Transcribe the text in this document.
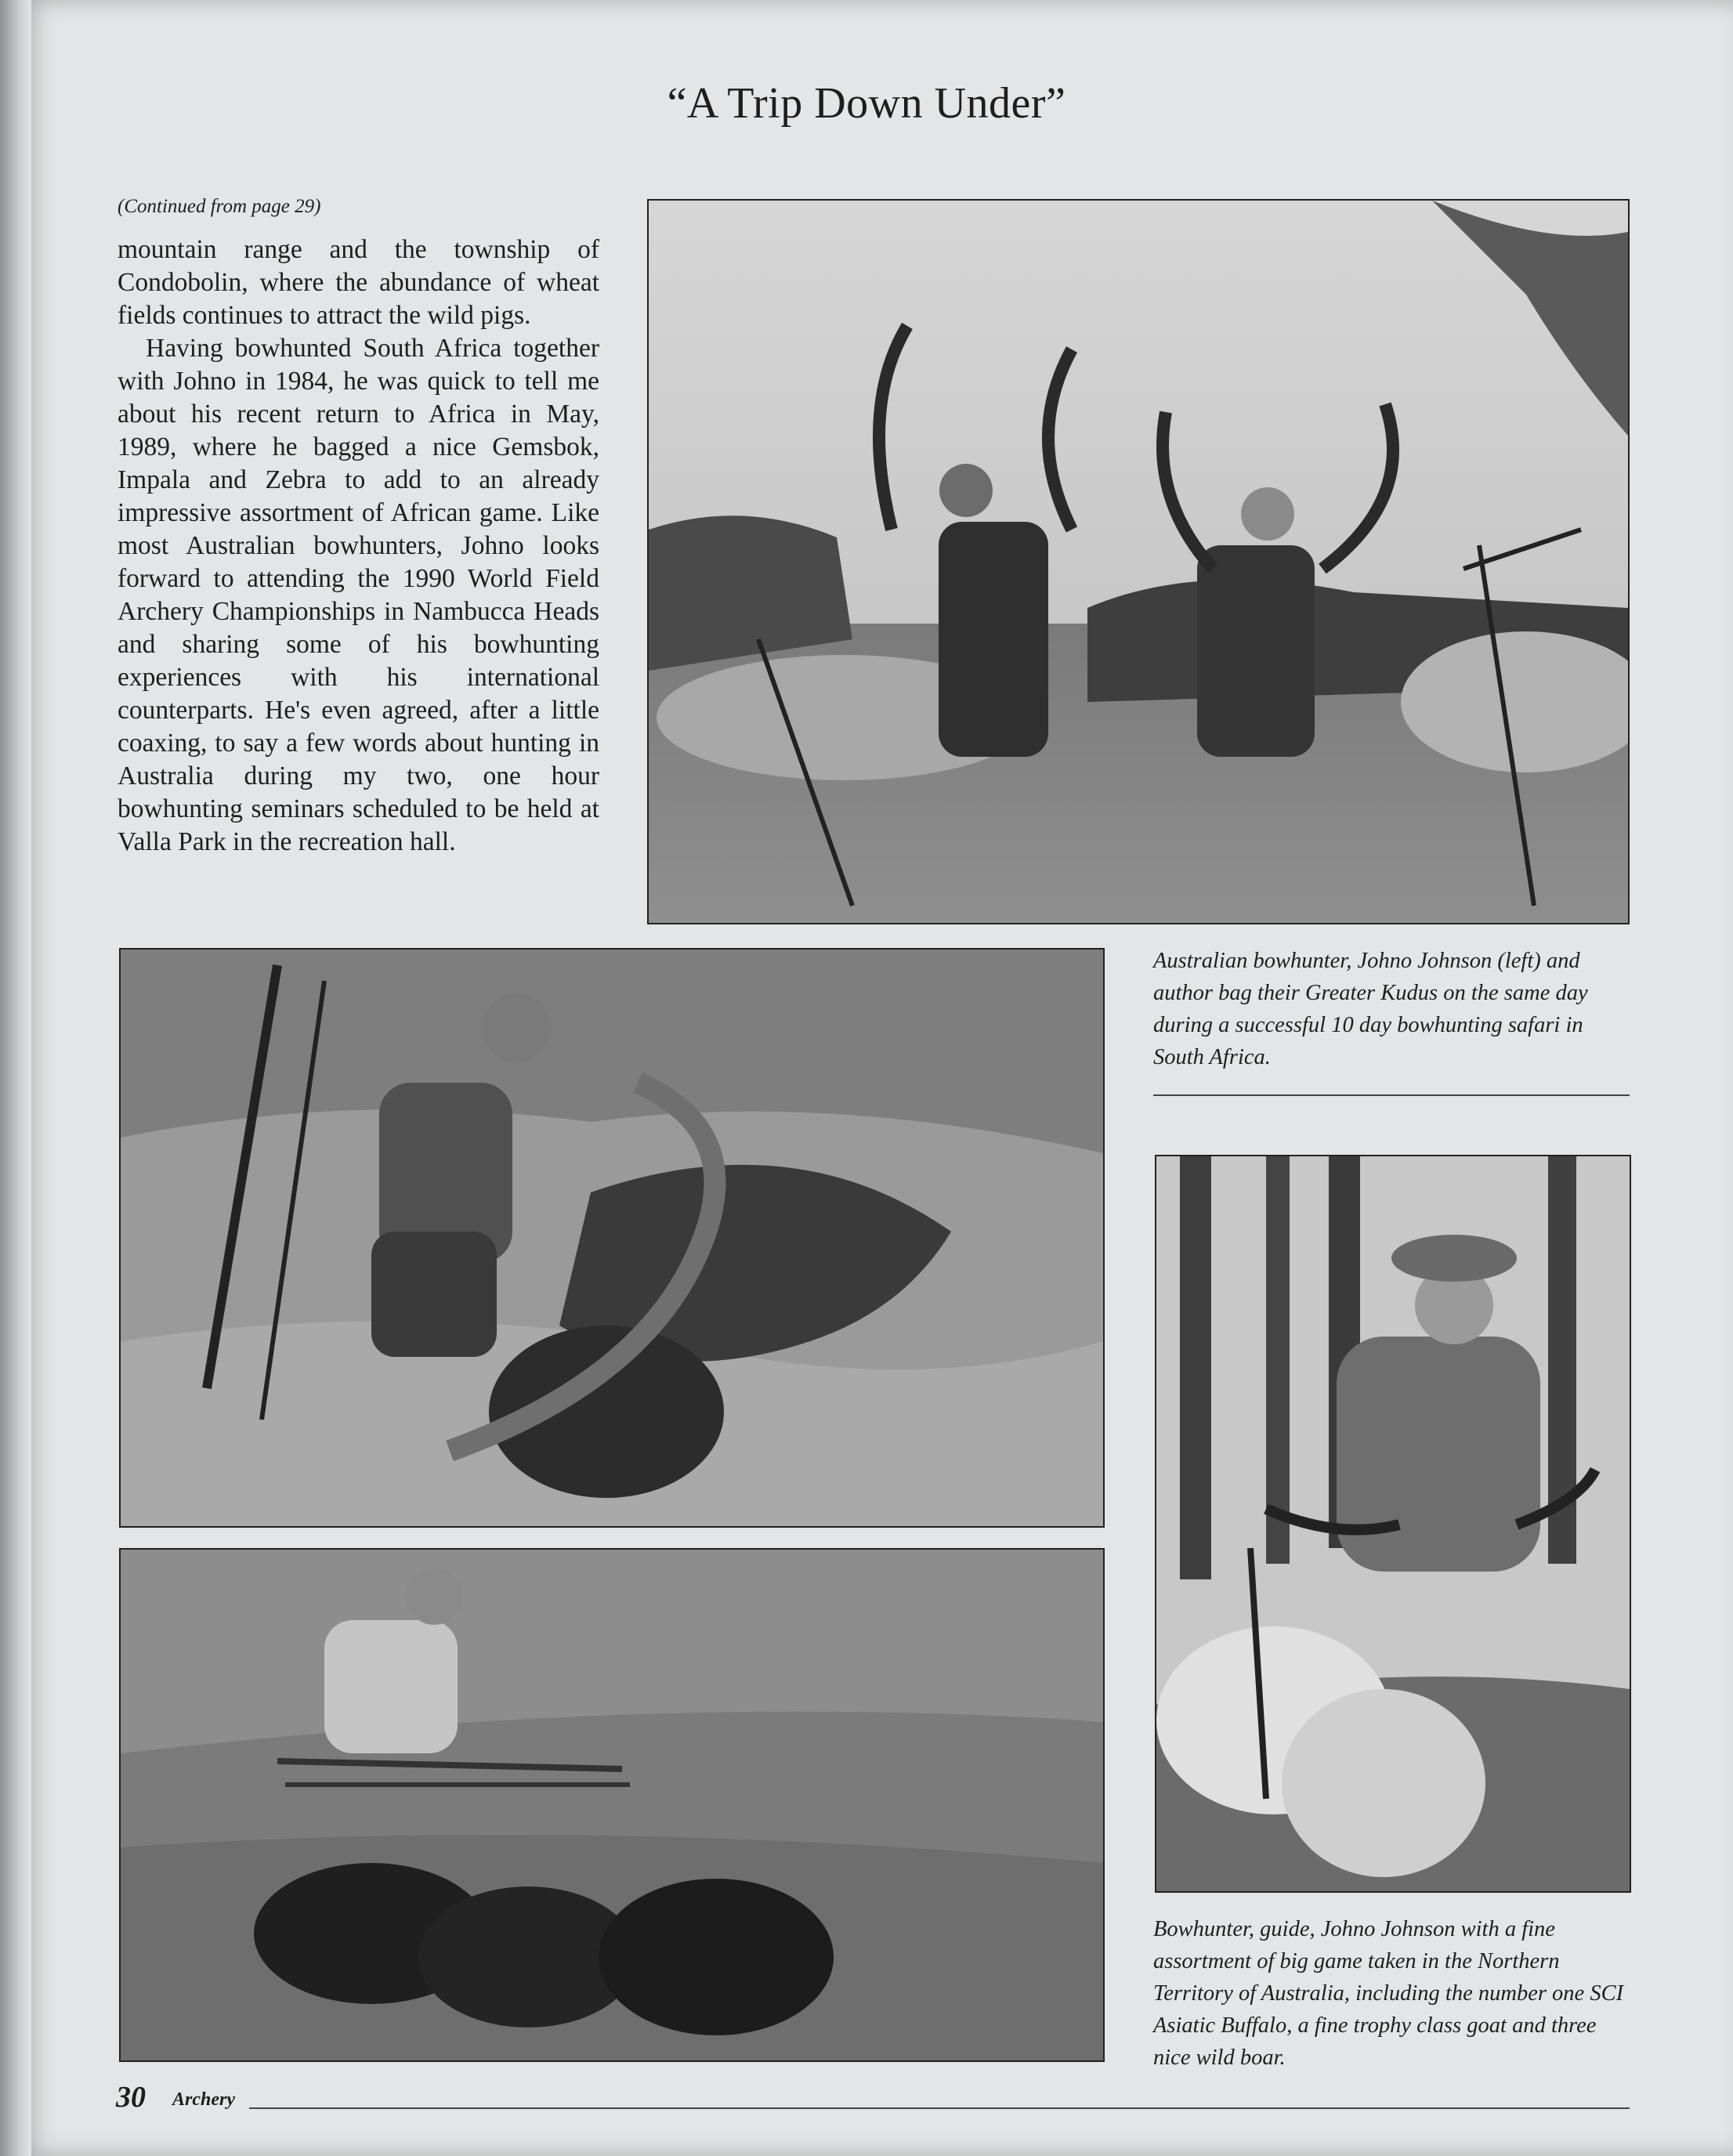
“A Trip Down Under”
(Continued from page 29)

mountain range and the township of Condobolin, where the abundance of wheat fields continues to attract the wild pigs.

Having bowhunted South Africa together with Johno in 1984, he was quick to tell me about his recent return to Africa in May, 1989, where he bagged a nice Gemsbok, Impala and Zebra to add to an already impressive assortment of African game. Like most Australian bowhunters, Johno looks forward to attending the 1990 World Field Archery Championships in Nambucca Heads and sharing some of his bowhunting experiences with his international counterparts. He's even agreed, after a little coaxing, to say a few words about hunting in Australia during my two, one hour bowhunting seminars scheduled to be held at Valla Park in the recreation hall.

Australian bowhunter, Johno Johnson (left) and author bag their Greater Kudus on the same day during a successful 10 day bowhunting safari in South Africa.
Bowhunter, guide, Johno Johnson with a fine assortment of big game taken in the Northern Territory of Australia, including the number one SCI Asiatic Buffalo, a fine trophy class goat and three nice wild boar.
30 Archery
